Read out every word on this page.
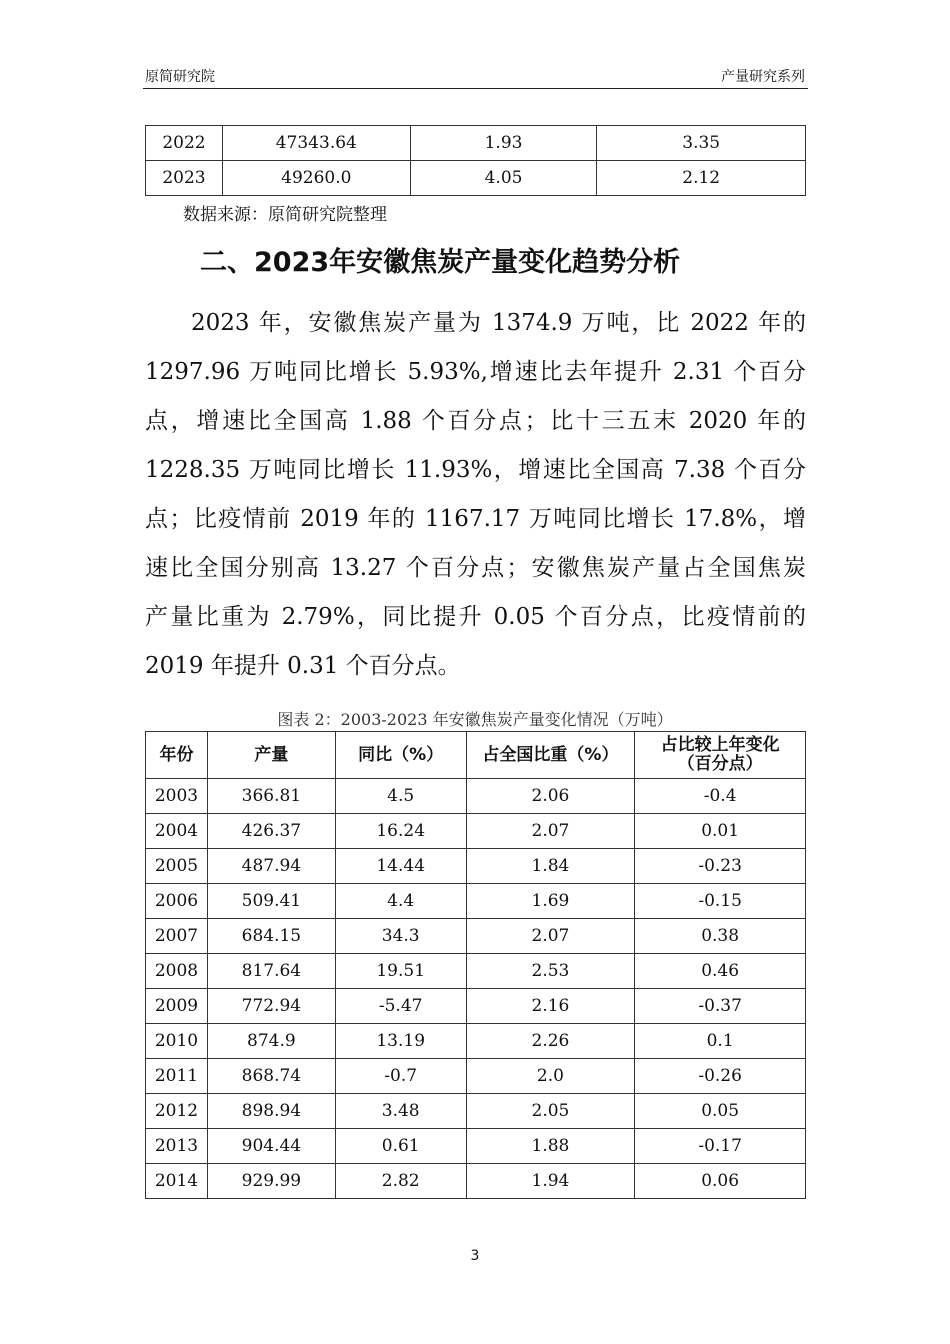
原简研究院	产量研究系列
2022	47343.64	1.93	3.35
2023	49260.0	4.05	2.12
数据来源：原简研究院整理
二、2023年安徽焦炭产量变化趋势分析
2023 年，安徽焦炭产量为 1374.9 万吨，比 2022 年的
1297.96 万吨同比增长 5.93%,增速比去年提升 2.31 个百分
点，增速比全国高 1.88 个百分点；比十三五末 2020 年的
1228.35 万吨同比增长 11.93%，增速比全国高 7.38 个百分
点；比疫情前 2019 年的 1167.17 万吨同比增长 17.8%，增
速比全国分别高 13.27 个百分点；安徽焦炭产量占全国焦炭
产量比重为 2.79%，同比提升 0.05 个百分点，比疫情前的
2019 年提升 0.31 个百分点。
图表 2：2003-2023 年安徽焦炭产量变化情况（万吨）
年份	产量	同比（%）	占全国比重（%）	占比较上年变化
（百分点）
2003	366.81	4.5	2.06	-0.4
2004	426.37	16.24	2.07	0.01
2005	487.94	14.44	1.84	-0.23
2006	509.41	4.4	1.69	-0.15
2007	684.15	34.3	2.07	0.38
2008	817.64	19.51	2.53	0.46
2009	772.94	-5.47	2.16	-0.37
2010	874.9	13.19	2.26	0.1
2011	868.74	-0.7	2.0	-0.26
2012	898.94	3.48	2.05	0.05
2013	904.44	0.61	1.88	-0.17
2014	929.99	2.82	1.94	0.06
3
